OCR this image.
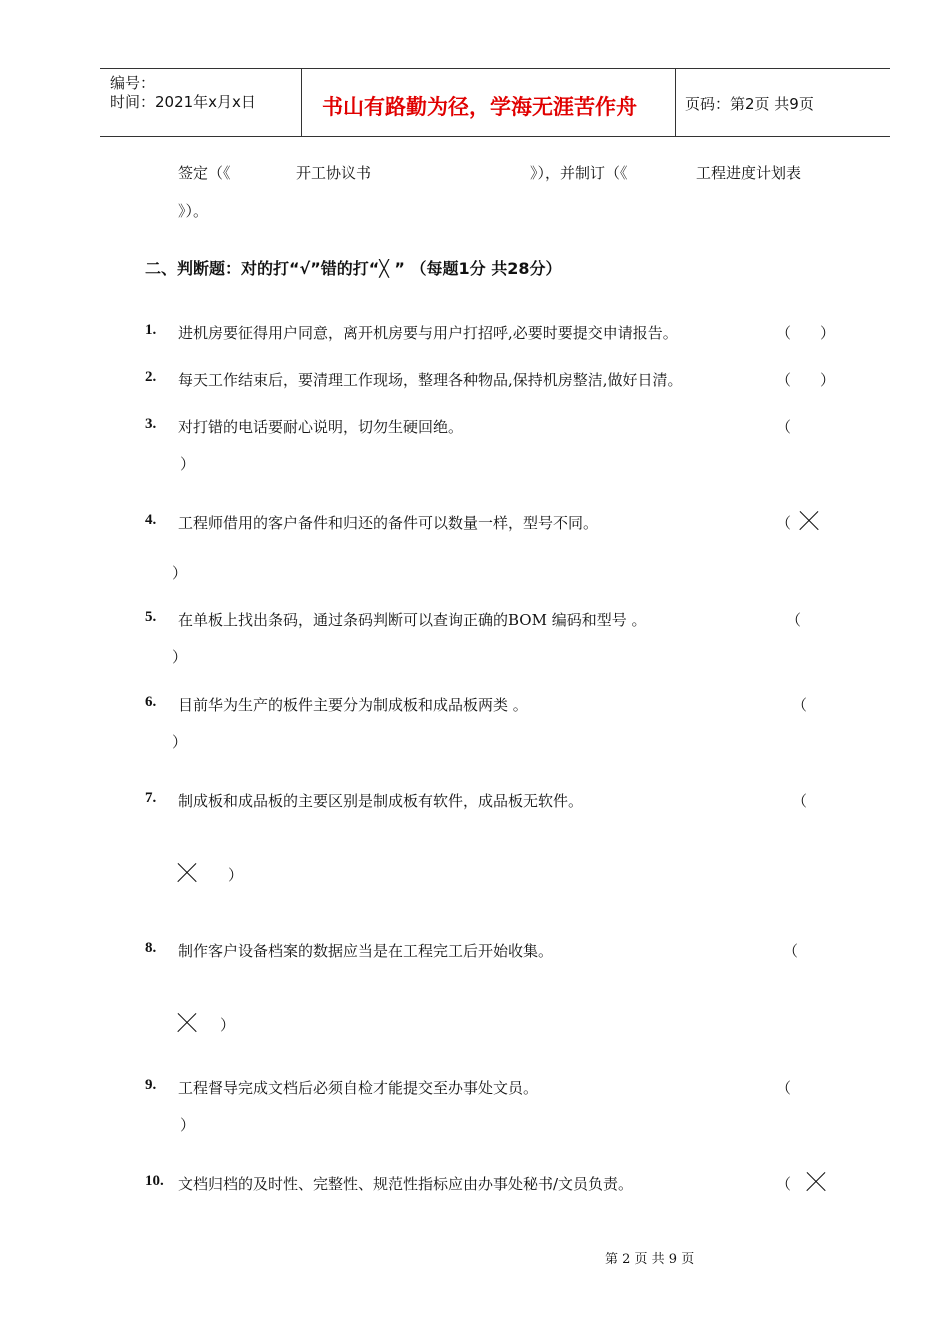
编号：
时间：2021年x月x日	书山有路勤为径，学海无涯苦作舟	页码：第2页 共9页
签定（《	开工协议书	》），并制订（《	工程进度计划表
》）。
二、判断题：对的打“√”错的打“╳ ” （每题1分 共28分）
1. 进机房要征得用户同意，离开机房要与用户打招呼,必要时要提交申请报告。	（ ）
2. 每天工作结束后，要清理工作现场，整理各种物品,保持机房整洁,做好日清。	（ ）
3. 对打错的电话要耐心说明，切勿生硬回绝。	（
）
4. 工程师借用的客户备件和归还的备件可以数量一样，型号不同。	（
）
5. 在单板上找出条码，通过条码判断可以查询正确的BOM 编码和型号 。	（
）
6. 目前华为生产的板件主要分为制成板和成品板两类 。	（
）
7. 制成板和成品板的主要区别是制成板有软件，成品板无软件。	（
）
8. 制作客户设备档案的数据应当是在工程完工后开始收集。	（
）
9. 工程督导完成文档后必须自检才能提交至办事处文员。	（
）
10. 文档归档的及时性、完整性、规范性指标应由办事处秘书/文员负责。	（
第 2 页 共 9 页
